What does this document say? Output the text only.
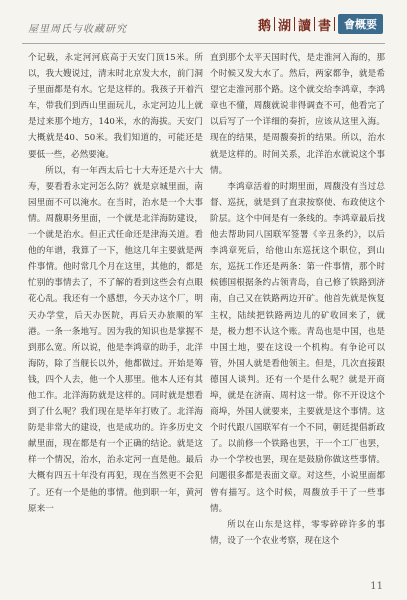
屋里周氏与收藏研究	鹅 湖 讀 書	會概要

个记载，永定河河底高于天安门顶15米。所以，我大嫂说过，清末时北京发大水，前门洞子里面都是有水。它是这样的。我孩子开着汽车，带我们到西山里面玩儿，永定河边儿上就是过来那个地方，140米，水的海拔。天安门大概就是40、50米。我们知道的，可能还是要低一些，必然要淹。

所以，有一年西太后七十大寿还是六十大寿，要看看永定河怎么防？就是京城里面，南园里面不可以淹水。在当时，治水是一个大事情。周馥职务里面，一个就是北洋海防建设，一个就是治水。但正式任命还是津海关道。看他的年谱，我算了一下，他这几年主要就是两件事情。他时常几个月在这里，其他的，都是忙别的事情去了，不了解的看到这些会有点眼花心乱。我还有一个感想，今天办这个厂，明天办学堂，后天办医院，再后天办旅顺的军港。一条一条地写。因为我的知识也是掌握不到那么宽。所以说，他是李鸿章的助手，北洋海防，除了当舰长以外，他都做过。开始是筹钱，四个人去，他一个人那里。他本人还有其他工作。北洋海防就是这样的。同时就是想看到了什么呢？我们现在是毕年打败了。北洋海防是非常大的建设，也是成功的。许多历史文献里面，现在都是有一个正确的结论。就是这样一个情况，治水，治永定河一直是他。最后大概有四五十年没有再犯，现在当然更不会犯了。还有一个是他的事情。他到职一年，黄河原来一

直到那个太平天国时代，是走淮河入海的，那个时候又发大水了。然后，两家都争，就是希望它走淮河那个路。这个就交给李鸿章，李鸿章也不懂，周馥就说非得调查不可，他看完了以后写了一个详细的奏折，应该从这里入海。现在的结果，是周馥奏折的结果。所以，治水就是这样的。时间关系，北洋治水就说这个事情。

李鸿章活着的时期里面，周馥没有当过总督、巡抚，就是到了直隶按察使、布政使这个阶层。这个中间是有一条线的。李鸿章最后找他去帮助同八国联军签署《辛丑条约》，以后李鸿章死后，给他山东巡抚这个职位，到山东，巡抚工作还是两条：第一件事情，那个时候德国根据条约占领青岛，自己修了铁路到济南，自己又在铁路两边开矿。他首先就是恢复主权，陆续把铁路两边儿的矿收回来了，就是，极力想不认这个账。青岛也是中国，也是中国土地，要在这设一个机构。有争论可以管，外国人就是看他领主。但是，几次直接跟德国人谈判。还有一个是什么呢？就是开商埠，就是在济南、周村这一带。你不开设这个商埠，外国人就要来，主要就是这个事情。这个时代跟八国联军有一个不同，朝廷提倡新政了。以前修一个铁路也罢，干一个工厂也罢，办一个学校也罢，现在是鼓励你做这些事情。问题很多都是表面文章。对这些，小说里面都曾有描写。这个时候，周馥放手干了一些事情。

所以在山东是这样，零零碎碎许多的事情，设了一个农业考察，现在这个

11
